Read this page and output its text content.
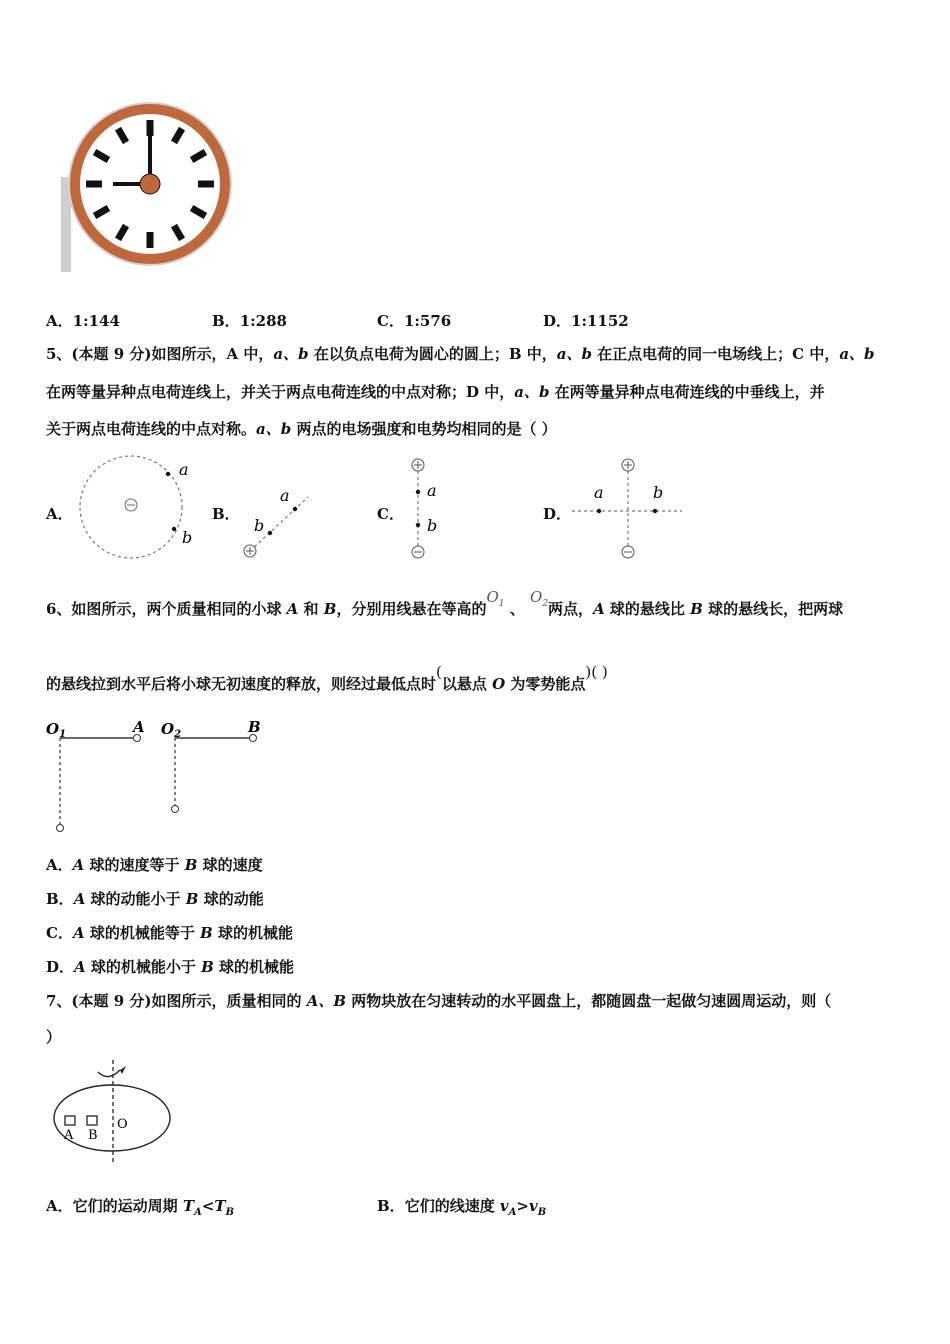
A．1:144	B．1:288	C．1:576	D．1:1152
5、(本题 9 分)如图所示，A 中，a、b 在以负点电荷为圆心的圆上；B 中，a、b 在正点电荷的同一电场线上；C 中，a、b
在两等量异种点电荷连线上，并关于两点电荷连线的中点对称；D 中，a、b 在两等量异种点电荷连线的中垂线上，并
关于两点电荷连线的中点对称。a、b 两点的电场强度和电势均相同的是（ ）
A．
a
b
B．
b
a
C．
a
b
D．
a	b
6、如图所示，两个质量相同的小球 A 和 B，分别用线悬在等高的$O_1$ 、 $O_2$两点，A 球的悬线比 B 球的悬线长，把两球
的悬线拉到水平后将小球无初速度的释放，则经过最低点时(以悬点 O 为零势能点)( )
$O_1$	A $O_2$	B
A．A 球的速度等于 B 球的速度
B．A 球的动能小于 B 球的动能
C．A 球的机械能等于 B 球的机械能
D．A 球的机械能小于 B 球的机械能
7、(本题 9 分)如图所示，质量相同的 A、B 两物块放在匀速转动的水平圆盘上，都随圆盘一起做匀速圆周运动，则（
）
A B
O
A．它们的运动周期 $T_A<T_B$	B．它们的线速度 $v_A>v_B$
